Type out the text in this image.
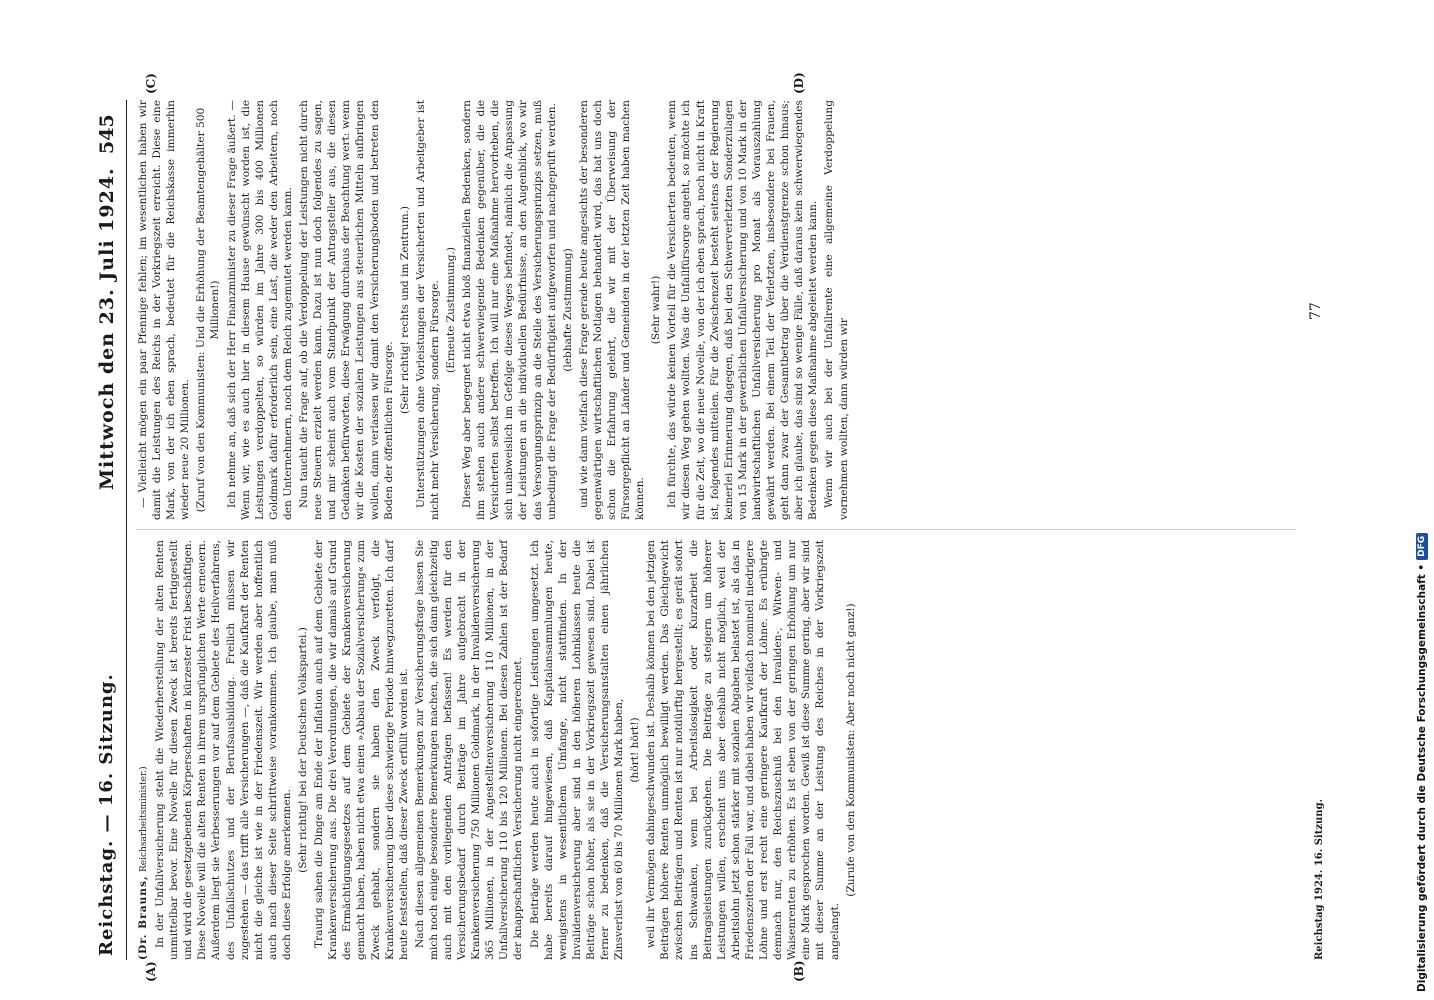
Reichstag. — 16. Sitzung.
Mittwoch den 23. Juli 1924.
545
(A)	(B)
(C)	(D)

(Dr. Brauns, Reichsarbeitsminister.) In der Unfallversicherung steht die Wiederherstellung der alten Renten unmittelbar bevor. Eine Novelle für diesen Zweck ist bereits fertiggestellt und wird die gesetzgebenden Körperschaften in kürzester Frist beschäftigen. Diese Novelle will die alten Renten in ihrem ursprünglichen Werte erneuern. Außerdem liegt sie Verbesserungen vor auf dem Gebiete des Heilverfahrens, des Unfallschutzes und der Berufsausbildung. Freilich müssen wir zugestehen — das trifft alle Versicherungen —, daß die Kaufkraft der Renten nicht die gleiche ist wie in der Friedenszeit. Wir werden aber hoffentlich auch nach dieser Seite schrittweise vorankommen. Ich glaube, man muß doch diese Erfolge anerkennen.

(Sehr richtig! bei der Deutschen Volkspartei.) Traurig sahen die Dinge am Ende der Inflation auch auf dem Gebiete der Krankenversicherung aus. Die drei Verordnungen, die wir damals auf Grund des Ermächtigungsgesetzes auf dem Gebiete der Krankenversicherung gemacht haben, haben nicht etwa einen »Abbau der Sozialversicherung« zum Zweck gehabt, sondern sie haben den Zweck verfolgt, die Krankenversicherung über diese schwierige Periode hinwegzuretten. Ich darf heute feststellen, daß dieser Zweck erfüllt worden ist. Nach diesen allgemeinen Bemerkungen zur Versicherungsfrage lassen Sie mich noch einige besondere Bemerkungen machen, die sich dann gleichzeitig auch mit den vorliegenden Anträgen befassen! Es werden für den Versicherungsbedarf durch Beiträge im Jahre aufgebracht in der Krankenversicherung 750 Millionen Goldmark, in der Invalidenversicherung 365 Millionen, in der Angestelltenversicherung 110 Millionen, in der Unfallversicherung 110 bis 120 Millionen. Bei diesen Zahlen ist der Bedarf der knappschaftlichen Versicherung nicht eingerechnet. Die Beiträge werden heute auch in sofortige Leistungen umgesetzt. Ich habe bereits darauf hingewiesen, daß Kapitalansammlungen heute, wenigstens in wesentlichem Umfange, nicht stattfinden. In der Invalidenversicherung aber sind in den höheren Lohnklassen heute die Beiträge schon höher, als sie in der Vorkriegszeit gewesen sind. Dabei ist ferner zu bedenken, daß die Versicherungsanstalten einen jährlichen Zinsverlust von 60 bis 70 Millionen Mark haben, (hört! hört!) weil ihr Vermögen dahingeschwunden ist. Deshalb können bei den jetzigen Beiträgen höhere Renten unmöglich bewilligt werden. Das Gleichgewicht zwischen Beiträgen und Renten ist nur notdürftig hergestellt; es gerät sofort ins Schwanken, wenn bei Arbeitslosigkeit oder Kurzarbeit die Beitragsleistungen zurückgehen. Die Beiträge zu steigern um höherer Leistungen willen, erscheint uns aber deshalb nicht möglich, weil der Arbeitslohn jetzt schon stärker mit sozialen Abgaben belastet ist, als das in Friedenszeiten der Fall war, und dabei haben wir vielfach nominell niedrigere Löhne und erst recht eine geringere Kaufkraft der Löhne. Es erübrigte demnach nur, den Reichszuschuß bei den Invaliden-, Witwen- und Waisenrenten zu erhöhen. Es ist eben von der geringen Erhöhung um nur eine Mark gesprochen worden. Gewiß ist diese Summe gering, aber wir sind mit dieser Summe an der Leistung des Reiches in der Vorkriegszeit angelangt.

(Zurufe von den Kommunisten: Aber noch nicht ganz!)

— Vielleicht mögen ein paar Pfennige fehlen; im wesentlichen haben wir damit die Leistungen des Reichs in der Vorkriegszeit erreicht. Diese eine Mark, von der ich eben sprach, bedeutet für die Reichskasse immerhin wieder neue 20 Millionen. (Zuruf von den Kommunisten: Und die Erhöhung der Beamtengehälter 500 Millionen!) Ich nehme an, daß sich der Herr Finanzminister zu dieser Frage äußert. — Wenn wir, wie es auch hier in diesem Hause gewünscht worden ist, die Leistungen verdoppelten, so würden im Jahre 300 bis 400 Millionen Goldmark dafür erforderlich sein, eine Last, die weder den Arbeitern, noch den Unternehmern, noch dem Reich zugemutet werden kann. Nun taucht die Frage auf, ob die Verdoppelung der Leistungen nicht durch neue Steuern erzielt werden kann. Dazu ist nun doch folgendes zu sagen, und mir scheint auch vom Standpunkt der Antragsteller aus, die diesen Gedanken befürworten, diese Erwägung durchaus der Beachtung wert: wenn wir die Kosten der sozialen Leistungen aus steuerlichen Mitteln aufbringen wollen, dann verlassen wir damit den Versicherungsboden und betreten den Boden der öffentlichen Fürsorge.

(Sehr richtig! rechts und im Zentrum.) Unterstützungen ohne Vorleistungen der Versicherten und Arbeitgeber ist nicht mehr Versicherung, sondern Fürsorge. (Erneute Zustimmung.) Dieser Weg aber begegnet nicht etwa bloß finanziellen Bedenken, sondern ihm stehen auch andere schwerwiegende Bedenken gegenüber, die die Versicherten selbst betreffen. Ich will nur eine Maßnahme hervorheben, die sich unabweislich im Gefolge dieses Weges befindet, nämlich die Anpassung der Leistungen an die individuellen Bedürfnisse, an den Augenblick, wo wir das Versorgungsprinzip an die Stelle des Versicherungsprinzips setzen, muß unbedingt die Frage der Bedürftigkeit aufgeworfen und nachgeprüft werden. (lebhafte Zustimmung) und wie dann vielfach diese Frage gerade heute angesichts der besonderen gegenwärtigen wirtschaftlichen Notlagen behandelt wird, das hat uns doch schon die Erfahrung gelehrt, die wir mit der Überweisung der Fürsorgepflicht an Länder und Gemeinden in der letzten Zeit haben machen können.

(Sehr wahr!) Ich fürchte, das würde keinen Vorteil für die Versicherten bedeuten, wenn wir diesen Weg gehen wollten. Was die Unfallfürsorge angeht, so möchte ich für die Zeit, wo die neue Novelle, von der ich eben sprach, noch nicht in Kraft ist, folgendes mitteilen. Für die Zwischenzeit besteht seitens der Regierung keinerlei Erinnerung dagegen, daß bei den Schwerverletzten Sonderzulagen von 15 Mark in der gewerblichen Unfallversicherung und von 10 Mark in der landwirtschaftlichen Unfallversicherung pro Monat als Vorauszahlung gewährt werden. Bei einem Teil der Verletzten, insbesondere bei Frauen, geht dann zwar der Gesamtbetrag über die Verdienstgrenze schon hinaus; aber ich glaube, das sind so wenige Fälle, daß daraus kein schwerwiegendes Bedenken gegen diese Maßnahme abgeleitet werden kann. Wenn wir auch bei der Unfallrente eine allgemeine Verdoppelung vornehmen wollten, dann würden wir

Reichstag 1924. 16. Sitzung.
77
Digitalisierung gefördert durch die Deutsche Forschungsgemeinschaft •
DFG
